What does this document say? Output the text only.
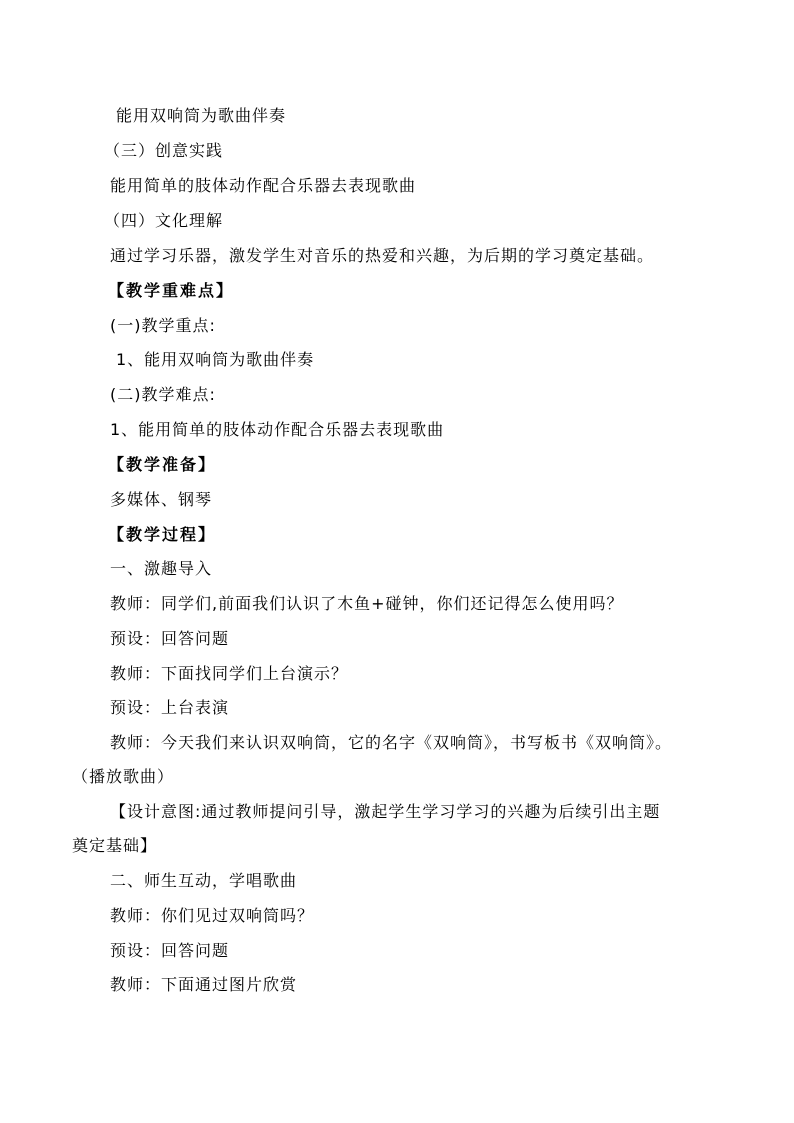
能用双响筒为歌曲伴奏
（三）创意实践
能用简单的肢体动作配合乐器去表现歌曲
（四）文化理解
通过学习乐器，激发学生对音乐的热爱和兴趣，为后期的学习奠定基础。
【教学重难点】
(一)教学重点:
1、能用双响筒为歌曲伴奏
(二)教学难点:
1、能用简单的肢体动作配合乐器去表现歌曲
【教学准备】
多媒体、钢琴
【教学过程】
一、激趣导入
教师：同学们,前面我们认识了木鱼+碰钟，你们还记得怎么使用吗？
预设：回答问题
教师：下面找同学们上台演示？
预设：上台表演
教师：今天我们来认识双响筒，它的名字《双响筒》，书写板书《双响筒》。
（播放歌曲）
【设计意图:通过教师提问引导，激起学生学习学习的兴趣为后续引出主题
奠定基础】
二、师生互动，学唱歌曲
教师：你们见过双响筒吗？
预设：回答问题
教师：下面通过图片欣赏
